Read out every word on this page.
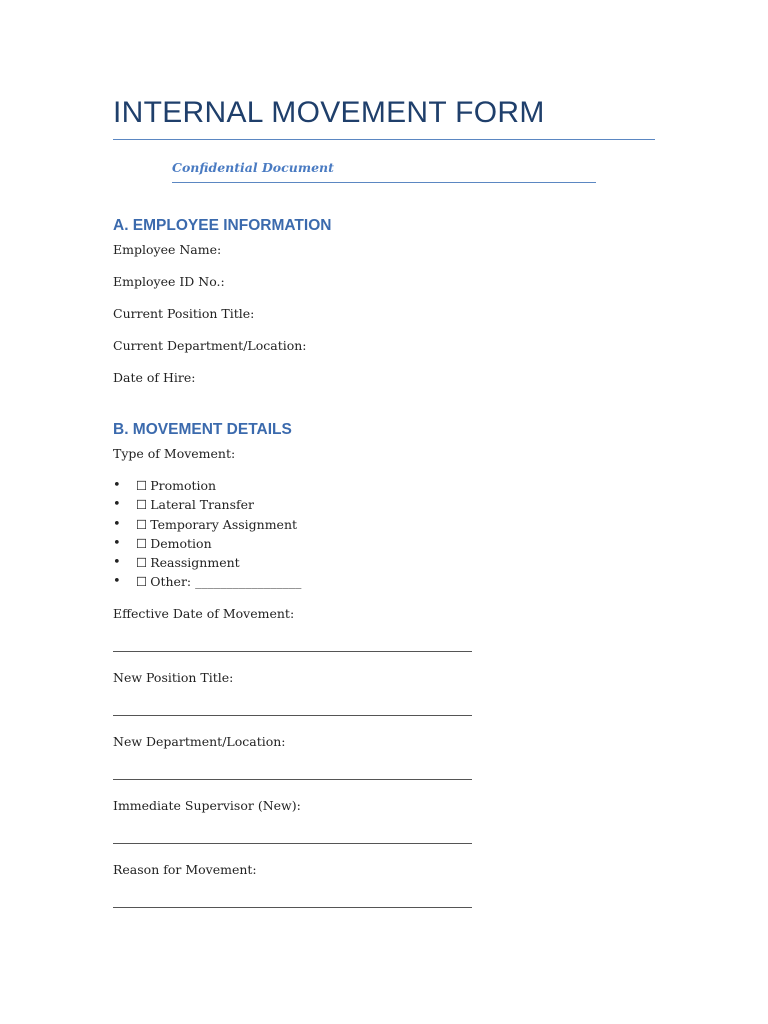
INTERNAL MOVEMENT FORM
Confidential Document
A. EMPLOYEE INFORMATION
Employee Name:
Employee ID No.:
Current Position Title:
Current Department/Location:
Date of Hire:
B. MOVEMENT DETAILS
Type of Movement:
• ☐ Promotion
• ☐ Lateral Transfer
• ☐ Temporary Assignment
• ☐ Demotion
• ☐ Reassignment
• ☐ Other: _________________
Effective Date of Movement:
New Position Title:
New Department/Location:
Immediate Supervisor (New):
Reason for Movement:
